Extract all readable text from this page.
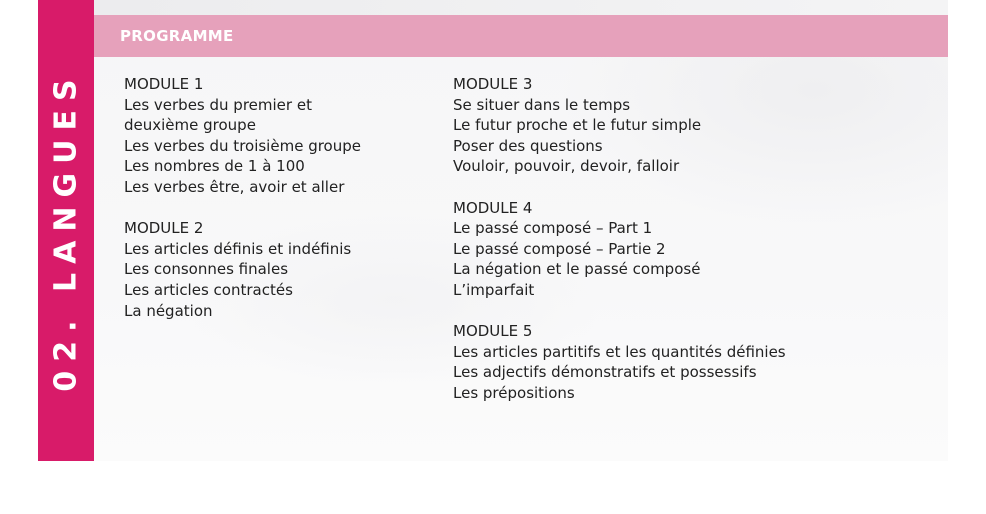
02. LANGUES
PROGRAMME
MODULE 1
Les verbes du premier et
deuxième groupe
Les verbes du troisième groupe
Les nombres de 1 à 100
Les verbes être, avoir et aller
MODULE 2
Les articles définis et indéfinis
Les consonnes finales
Les articles contractés
La négation
MODULE 3
Se situer dans le temps
Le futur proche et le futur simple
Poser des questions
Vouloir, pouvoir, devoir, falloir
MODULE 4
Le passé composé – Part 1
Le passé composé – Partie 2
La négation et le passé composé
L’imparfait
MODULE 5
Les articles partitifs et les quantités définies
Les adjectifs démonstratifs et possessifs
Les prépositions
